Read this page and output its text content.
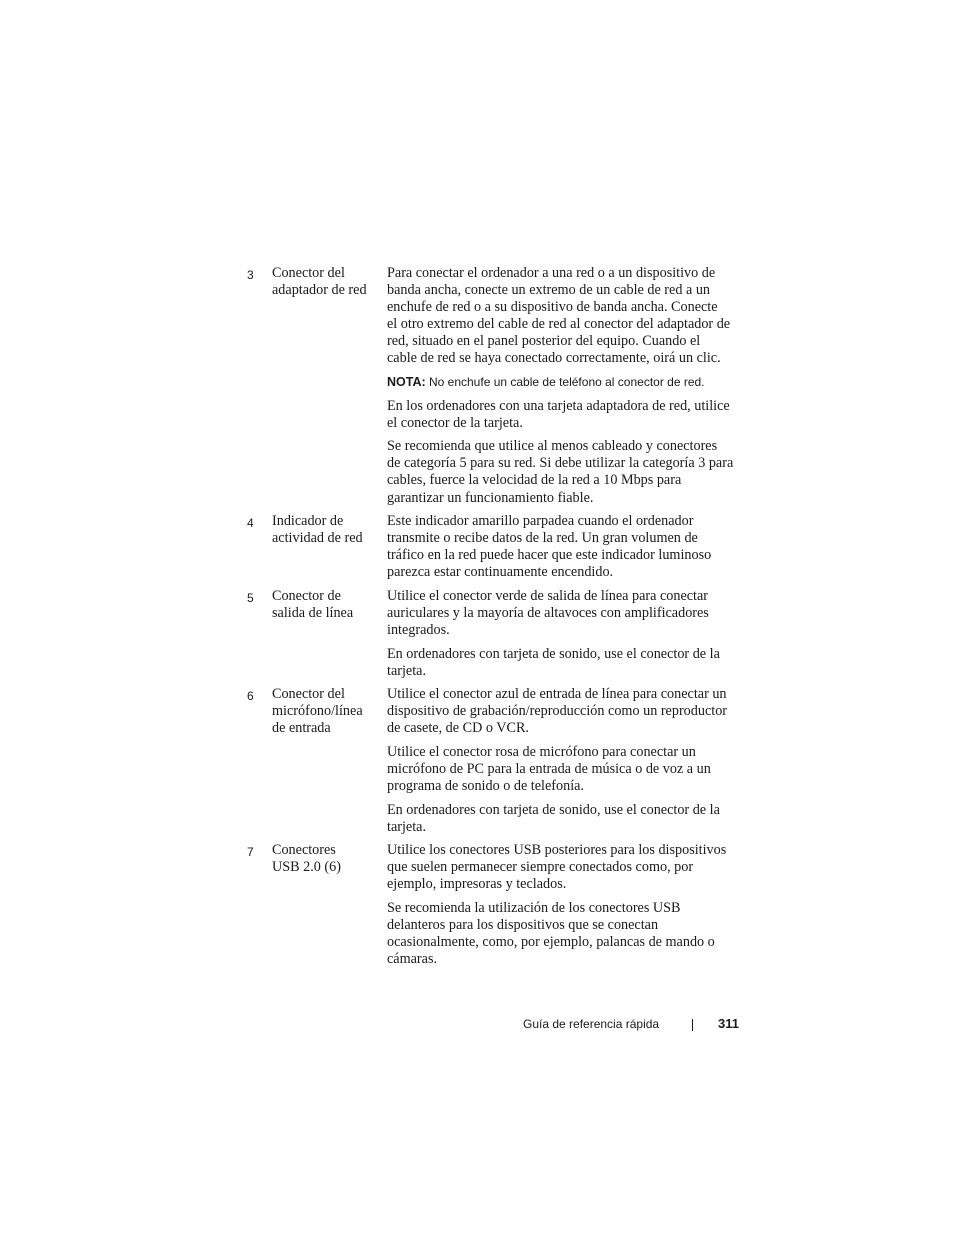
3 Conector del
adaptador de red
Para conectar el ordenador a una red o a un dispositivo de
banda ancha, conecte un extremo de un cable de red a un
enchufe de red o a su dispositivo de banda ancha. Conecte
el otro extremo del cable de red al conector del adaptador de
red, situado en el panel posterior del equipo. Cuando el
cable de red se haya conectado correctamente, oirá un clic.
NOTA: No enchufe un cable de teléfono al conector de red.
En los ordenadores con una tarjeta adaptadora de red, utilice
el conector de la tarjeta.
Se recomienda que utilice al menos cableado y conectores
de categoría 5 para su red. Si debe utilizar la categoría 3 para
cables, fuerce la velocidad de la red a 10 Mbps para
garantizar un funcionamiento fiable.
4 Indicador de
actividad de red
Este indicador amarillo parpadea cuando el ordenador
transmite o recibe datos de la red. Un gran volumen de
tráfico en la red puede hacer que este indicador luminoso
parezca estar continuamente encendido.
5 Conector de
salida de línea
Utilice el conector verde de salida de línea para conectar
auriculares y la mayoría de altavoces con amplificadores
integrados.
En ordenadores con tarjeta de sonido, use el conector de la
tarjeta.
6 Conector del
micrófono/línea
de entrada
Utilice el conector azul de entrada de línea para conectar un
dispositivo de grabación/reproducción como un reproductor
de casete, de CD o VCR.
Utilice el conector rosa de micrófono para conectar un
micrófono de PC para la entrada de música o de voz a un
programa de sonido o de telefonía.
En ordenadores con tarjeta de sonido, use el conector de la
tarjeta.
7 Conectores
USB 2.0 (6)
Utilice los conectores USB posteriores para los dispositivos
que suelen permanecer siempre conectados como, por
ejemplo, impresoras y teclados.
Se recomienda la utilización de los conectores USB
delanteros para los dispositivos que se conectan
ocasionalmente, como, por ejemplo, palancas de mando o
cámaras.
Guía de referencia rápida	311
